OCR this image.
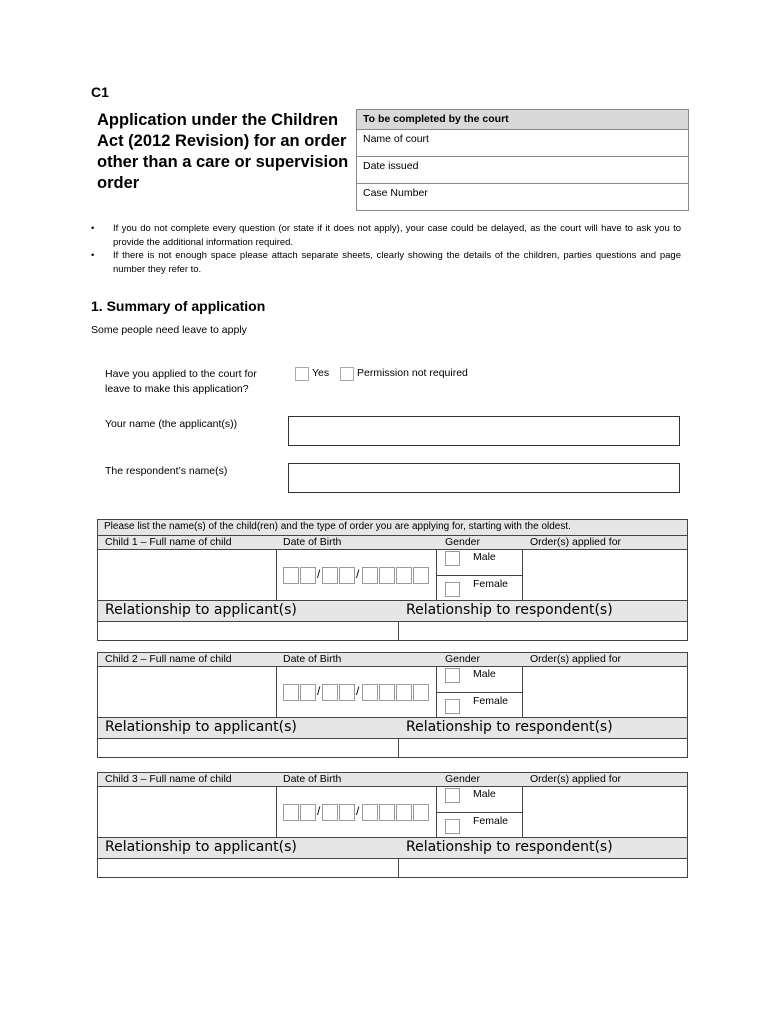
C1
Application under the Children Act (2012 Revision) for an order other than a care or supervision order
To be completed by the court
Name of court
Date issued
Case Number
• If you do not complete every question (or state if it does not apply), your case could be delayed, as the court will have to ask you to provide the additional information required.
• If there is not enough space please attach separate sheets, clearly showing the details of the children, parties questions and page number they refer to.
1. Summary of application
Some people need leave to apply
Have you applied to the court for leave to make this application?
Yes	Permission not required
Your name (the applicant(s))
The respondent’s name(s)
Please list the name(s) of the child(ren) and the type of order you are applying for, starting with the oldest.
Child 1 – Full name of child	Date of Birth	Gender	Order(s) applied for
/	/
Male
Female
Relationship to applicant(s)	Relationship to respondent(s)
Child 2 – Full name of child	Date of Birth	Gender	Order(s) applied for
/	/
Male
Female
Relationship to applicant(s)	Relationship to respondent(s)
Child 3 – Full name of child	Date of Birth	Gender	Order(s) applied for
/	/
Male
Female
Relationship to applicant(s)	Relationship to respondent(s)
